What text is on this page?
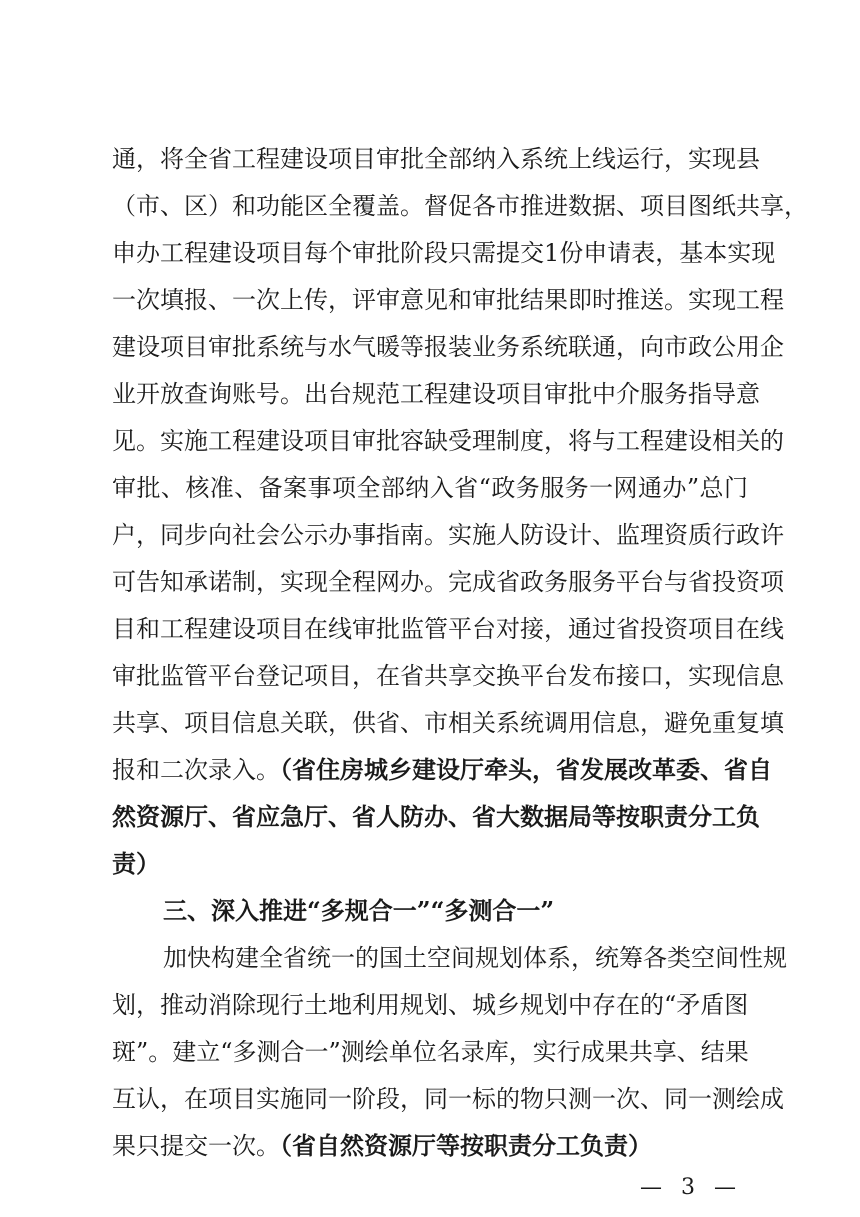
通，将全省工程建设项目审批全部纳入系统上线运行，实现县
（市、区）和功能区全覆盖。督促各市推进数据、项目图纸共享，
申办工程建设项目每个审批阶段只需提交1份申请表，基本实现
一次填报、一次上传，评审意见和审批结果即时推送。实现工程
建设项目审批系统与水气暖等报装业务系统联通，向市政公用企
业开放查询账号。出台规范工程建设项目审批中介服务指导意
见。实施工程建设项目审批容缺受理制度，将与工程建设相关的
审批、核准、备案事项全部纳入省“政务服务一网通办”总门
户，同步向社会公示办事指南。实施人防设计、监理资质行政许
可告知承诺制，实现全程网办。完成省政务服务平台与省投资项
目和工程建设项目在线审批监管平台对接，通过省投资项目在线
审批监管平台登记项目，在省共享交换平台发布接口，实现信息
共享、项目信息关联，供省、市相关系统调用信息，避免重复填
报和二次录入。（省住房城乡建设厅牵头，省发展改革委、省自
然资源厅、省应急厅、省人防办、省大数据局等按职责分工负
责）
三、深入推进“多规合一”“多测合一”
加快构建全省统一的国土空间规划体系，统筹各类空间性规
划，推动消除现行土地利用规划、城乡规划中存在的“矛盾图
斑”。建立“多测合一”测绘单位名录库，实行成果共享、结果
互认，在项目实施同一阶段，同一标的物只测一次、同一测绘成
果只提交一次。（省自然资源厅等按职责分工负责）
— 3 —
